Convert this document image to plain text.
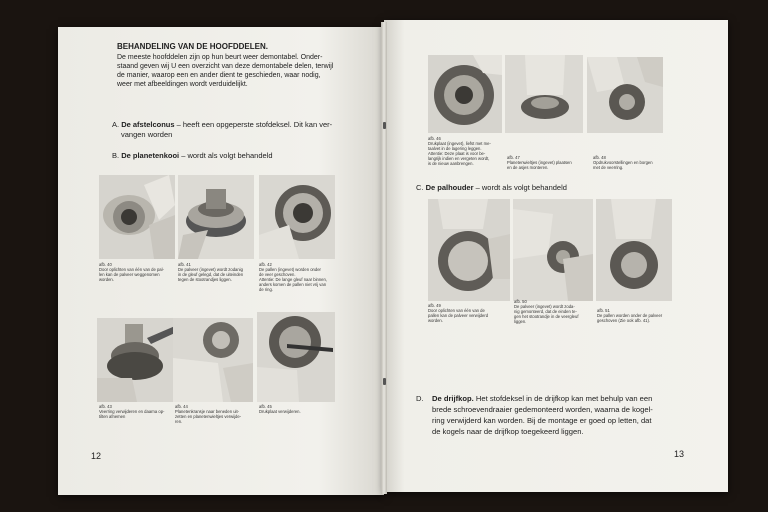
BEHANDELING VAN DE HOOFDDELEN.
De meeste hoofddelen zijn op hun beurt weer demontabel. Onder-
staand geven wij U een overzicht van deze demontabele delen, terwijl
de manier, waarop een en ander dient te geschieden, waar nodig,
weer met afbeeldingen wordt verduidelijkt.
A. De afstelconus – heeft een opgeperste stofdeksel. Dit kan ver-
vangen worden
B. De planetenkooi – wordt als volgt behandeld
afb. 40
Door oplichten van één van de pal-
len kan de palveer weggenomen
worden.
afb. 41
De palveer (ingevet) wordt zodanig
in de gleuf gelegd, dat de uiteinden
tegen de stootrandjes liggen.
afb. 42
De pallen (ingevet) worden onder
de veer geschoven.
Attentie: De lange gleuf naar binnen,
anders komen de pallen niet vrij van
de ring.
afb. 43
Veerring verwijderen en daarna op-
tilten afnemen
afb. 44
Planetenkransje naar beneden uit-
zetten en planetenwieltjes verwijde-
ren.
afb. 45
Drukplaat verwijderen.
12
afb. 46
Drukplaat (ingevet), liefst met me-
taalvet in de lagering leggen.
Attentie: Deze plaat is voor be-
langrijk indien en vergeten wordt,
is de nieuw aanbrengen.
afb. 47
Planetenwieltjes (ingevet) plaatsen
en de asjes monteren.
afb. 48
Opdrukvoorstellingen en borgen
met de veerring.
C. De palhouder – wordt als volgt behandeld
afb. 49
Door oplichten van één van de
pallen kan de palveer verwijderd
worden.
afb. 50
De palveer (ingevet) wordt zoda-
nig gemonteerd, dat de einden te-
gen het stootrandje in de veergleuf
liggen.
afb. 51
De pallen worden onder de palveer
geschoven (Zie ook afb. 41).
D. De drijfkop. Het stofdeksel in de drijfkop kan met behulp van een
brede schroevendraaier gedemonteerd worden, waarna de kogel-
ring verwijderd kan worden. Bij de montage er goed op letten, dat
de kogels naar de drijfkop toegekeerd liggen.
13
